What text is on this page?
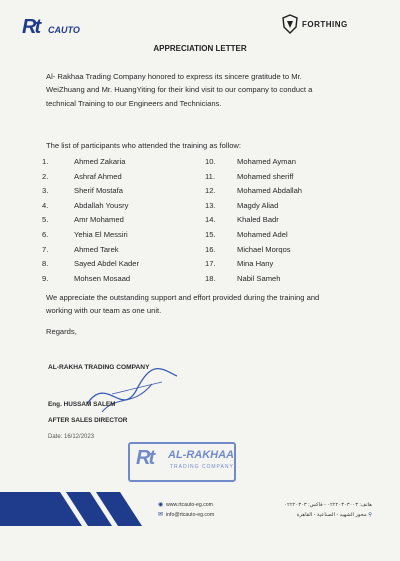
Rt CAUTO
FORTHING
APPRECIATION LETTER
Al- Rakhaa Trading Company honored to express its sincere gratitude to Mr. WeiZhuang and Mr. HuangYiting for their kind visit to our company to conduct a technical Training to our Engineers and Technicians.
The list of participants who attended the training as follow:
1.	Ahmed Zakaria
2.	Ashraf Ahmed
3.	Sherif Mostafa
4.	Abdallah Yousry
5.	Amr Mohamed
6.	Yehia El Messiri
7.	Ahmed Tarek
8.	Sayed Abdel Kader
9.	Mohsen Mosaad
10.	Mohamed Ayman
11.	Mohamed sheriff
12.	Mohamed Abdallah
13.	Magdy Aliad
14.	Khaled Badr
15.	Mohamed Adel
16.	Michael Morqos
17.	Mina Hany
18.	Nabil Sameh
We appreciate the outstanding support and effort provided during the training and working with our team as one unit.
Regards,
AL-RAKHA TRADING COMPANY
Eng. HUSSAM SALEM
AFTER SALES DIRECTOR
Date: 16/12/2023
Rt AL-RAKHAA
TRADING COMPANY
◉ www.rtcauto-eg.com
✉ info@rtcauto-eg.com
هاتف: ٠٢٢٢٠٣٠٣٠٠٣ - فاكس: ٠٢٢٢٠٣٠٣
محور الشهيد - الصناعية - القاهرة ⚲
